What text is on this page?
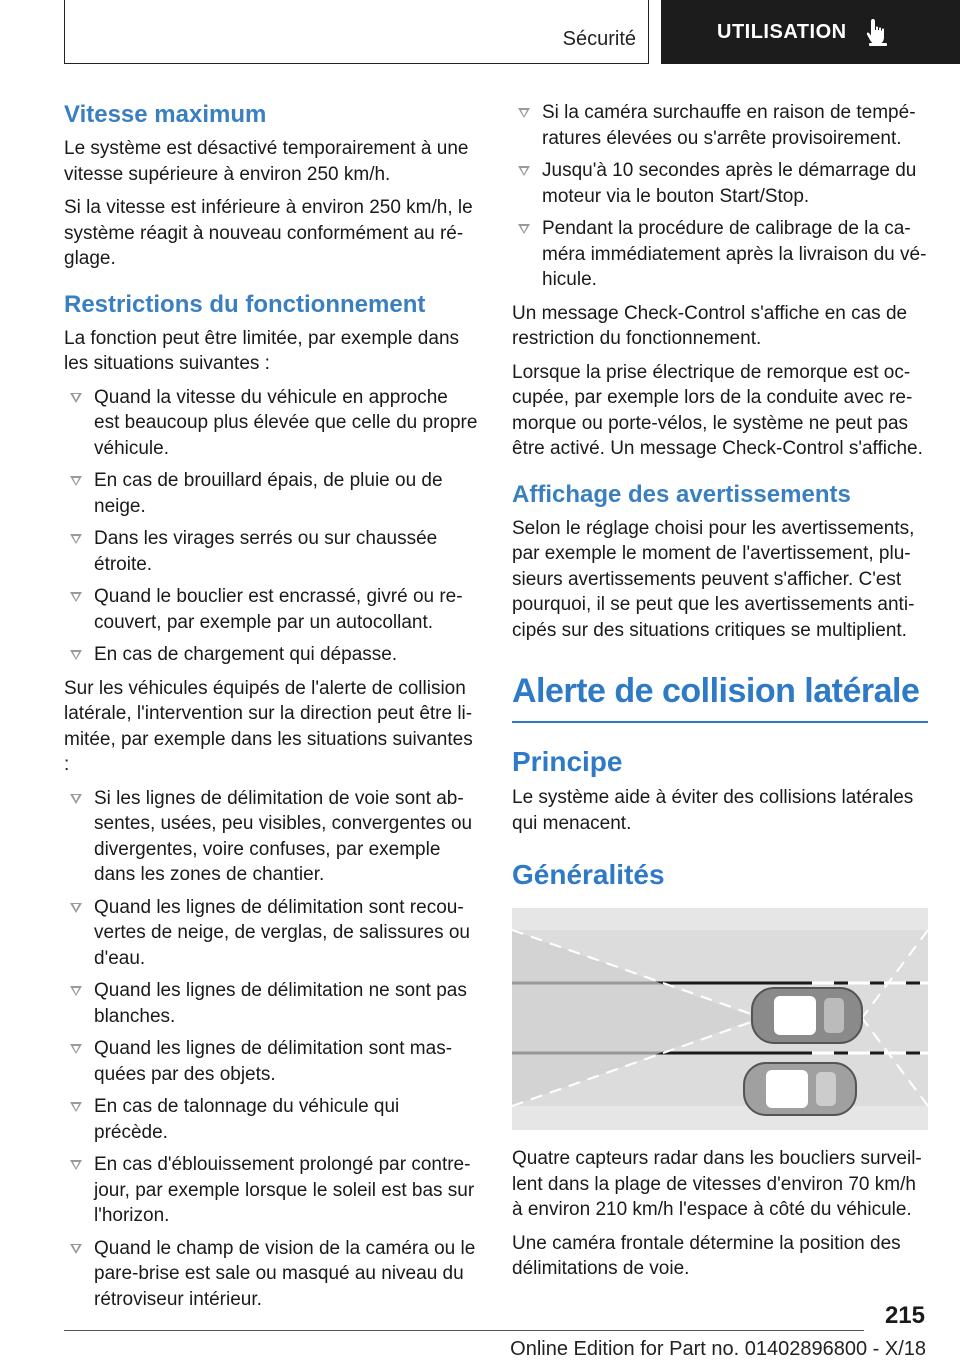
Sécurité	UTILISATION
Vitesse maximum

Le système est désactivé temporairement à une vitesse supérieure à environ 250 km/h.

Si la vitesse est inférieure à environ 250 km/h, le système réagit à nouveau conformément au réglage.

Restrictions du fonctionnement

La fonction peut être limitée, par exemple dans les situations suivantes :

Quand la vitesse du véhicule en approche est beaucoup plus élevée que celle du propre véhicule.
En cas de brouillard épais, de pluie ou de neige.
Dans les virages serrés ou sur chaussée étroite.
Quand le bouclier est encrassé, givré ou recouvert, par exemple par un autocollant.
En cas de chargement qui dépasse.

Sur les véhicules équipés de l'alerte de collision latérale, l'intervention sur la direction peut être limitée, par exemple dans les situations suivantes :

Si les lignes de délimitation de voie sont absentes, usées, peu visibles, convergentes ou divergentes, voire confuses, par exemple dans les zones de chantier.
Quand les lignes de délimitation sont recouvertes de neige, de verglas, de salissures ou d'eau.
Quand les lignes de délimitation ne sont pas blanches.
Quand les lignes de délimitation sont masquées par des objets.
En cas de talonnage du véhicule qui précède.
En cas d'éblouissement prolongé par contrejour, par exemple lorsque le soleil est bas sur l'horizon.
Quand le champ de vision de la caméra ou le pare-brise est sale ou masqué au niveau du rétroviseur intérieur.
Si la caméra surchauffe en raison de températures élevées ou s'arrête provisoirement.
Jusqu'à 10 secondes après le démarrage du moteur via le bouton Start/Stop.
Pendant la procédure de calibrage de la caméra immédiatement après la livraison du véhicule.

Un message Check-Control s'affiche en cas de restriction du fonctionnement.

Lorsque la prise électrique de remorque est occupée, par exemple lors de la conduite avec remorque ou porte-vélos, le système ne peut pas être activé. Un message Check-Control s'affiche.

Affichage des avertissements

Selon le réglage choisi pour les avertissements, par exemple le moment de l'avertissement, plusieurs avertissements peuvent s'afficher. C'est pourquoi, il se peut que les avertissements anticipés sur des situations critiques se multiplient.

Alerte de collision latérale
Principe

Le système aide à éviter des collisions latérales qui menacent.

Généralités

Quatre capteurs radar dans les boucliers surveillent dans la plage de vitesses d'environ 70 km/h à environ 210 km/h l'espace à côté du véhicule.

Une caméra frontale détermine la position des délimitations de voie.

215
Online Edition for Part no. 01402896800 - X/18
